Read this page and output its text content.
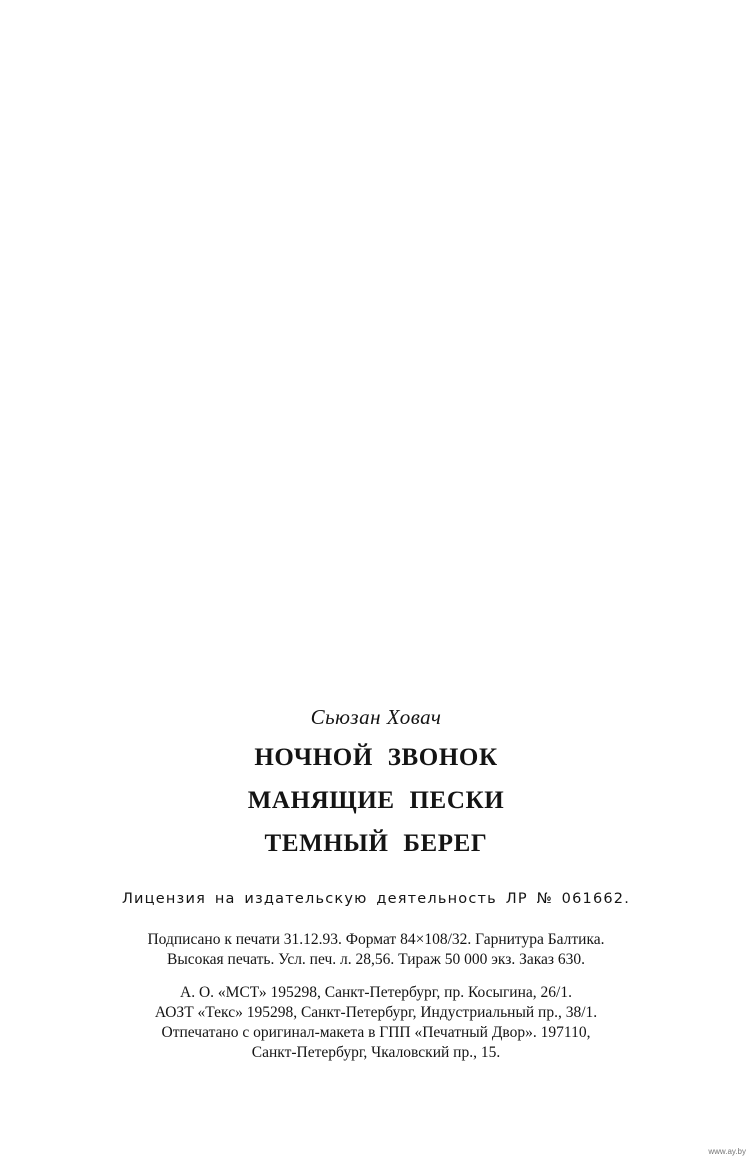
Сьюзан Ховач
НОЧНОЙ ЗВОНОК
МАНЯЩИЕ ПЕСКИ
ТЕМНЫЙ БЕРЕГ
Лицензия на издательскую деятельность ЛР № 061662.
Подписано к печати 31.12.93. Формат 84×108/32. Гарнитура Балтика.
Высокая печать. Усл. печ. л. 28,56. Тираж 50 000 экз. Заказ 630.
А. О. «МСТ» 195298, Санкт-Петербург, пр. Косыгина, 26/1.
АОЗТ «Текс» 195298, Санкт-Петербург, Индустриальный пр., 38/1.
Отпечатано с оригинал-макета в ГПП «Печатный Двор». 197110,
Санкт-Петербург, Чкаловский пр., 15.
www.ay.by
